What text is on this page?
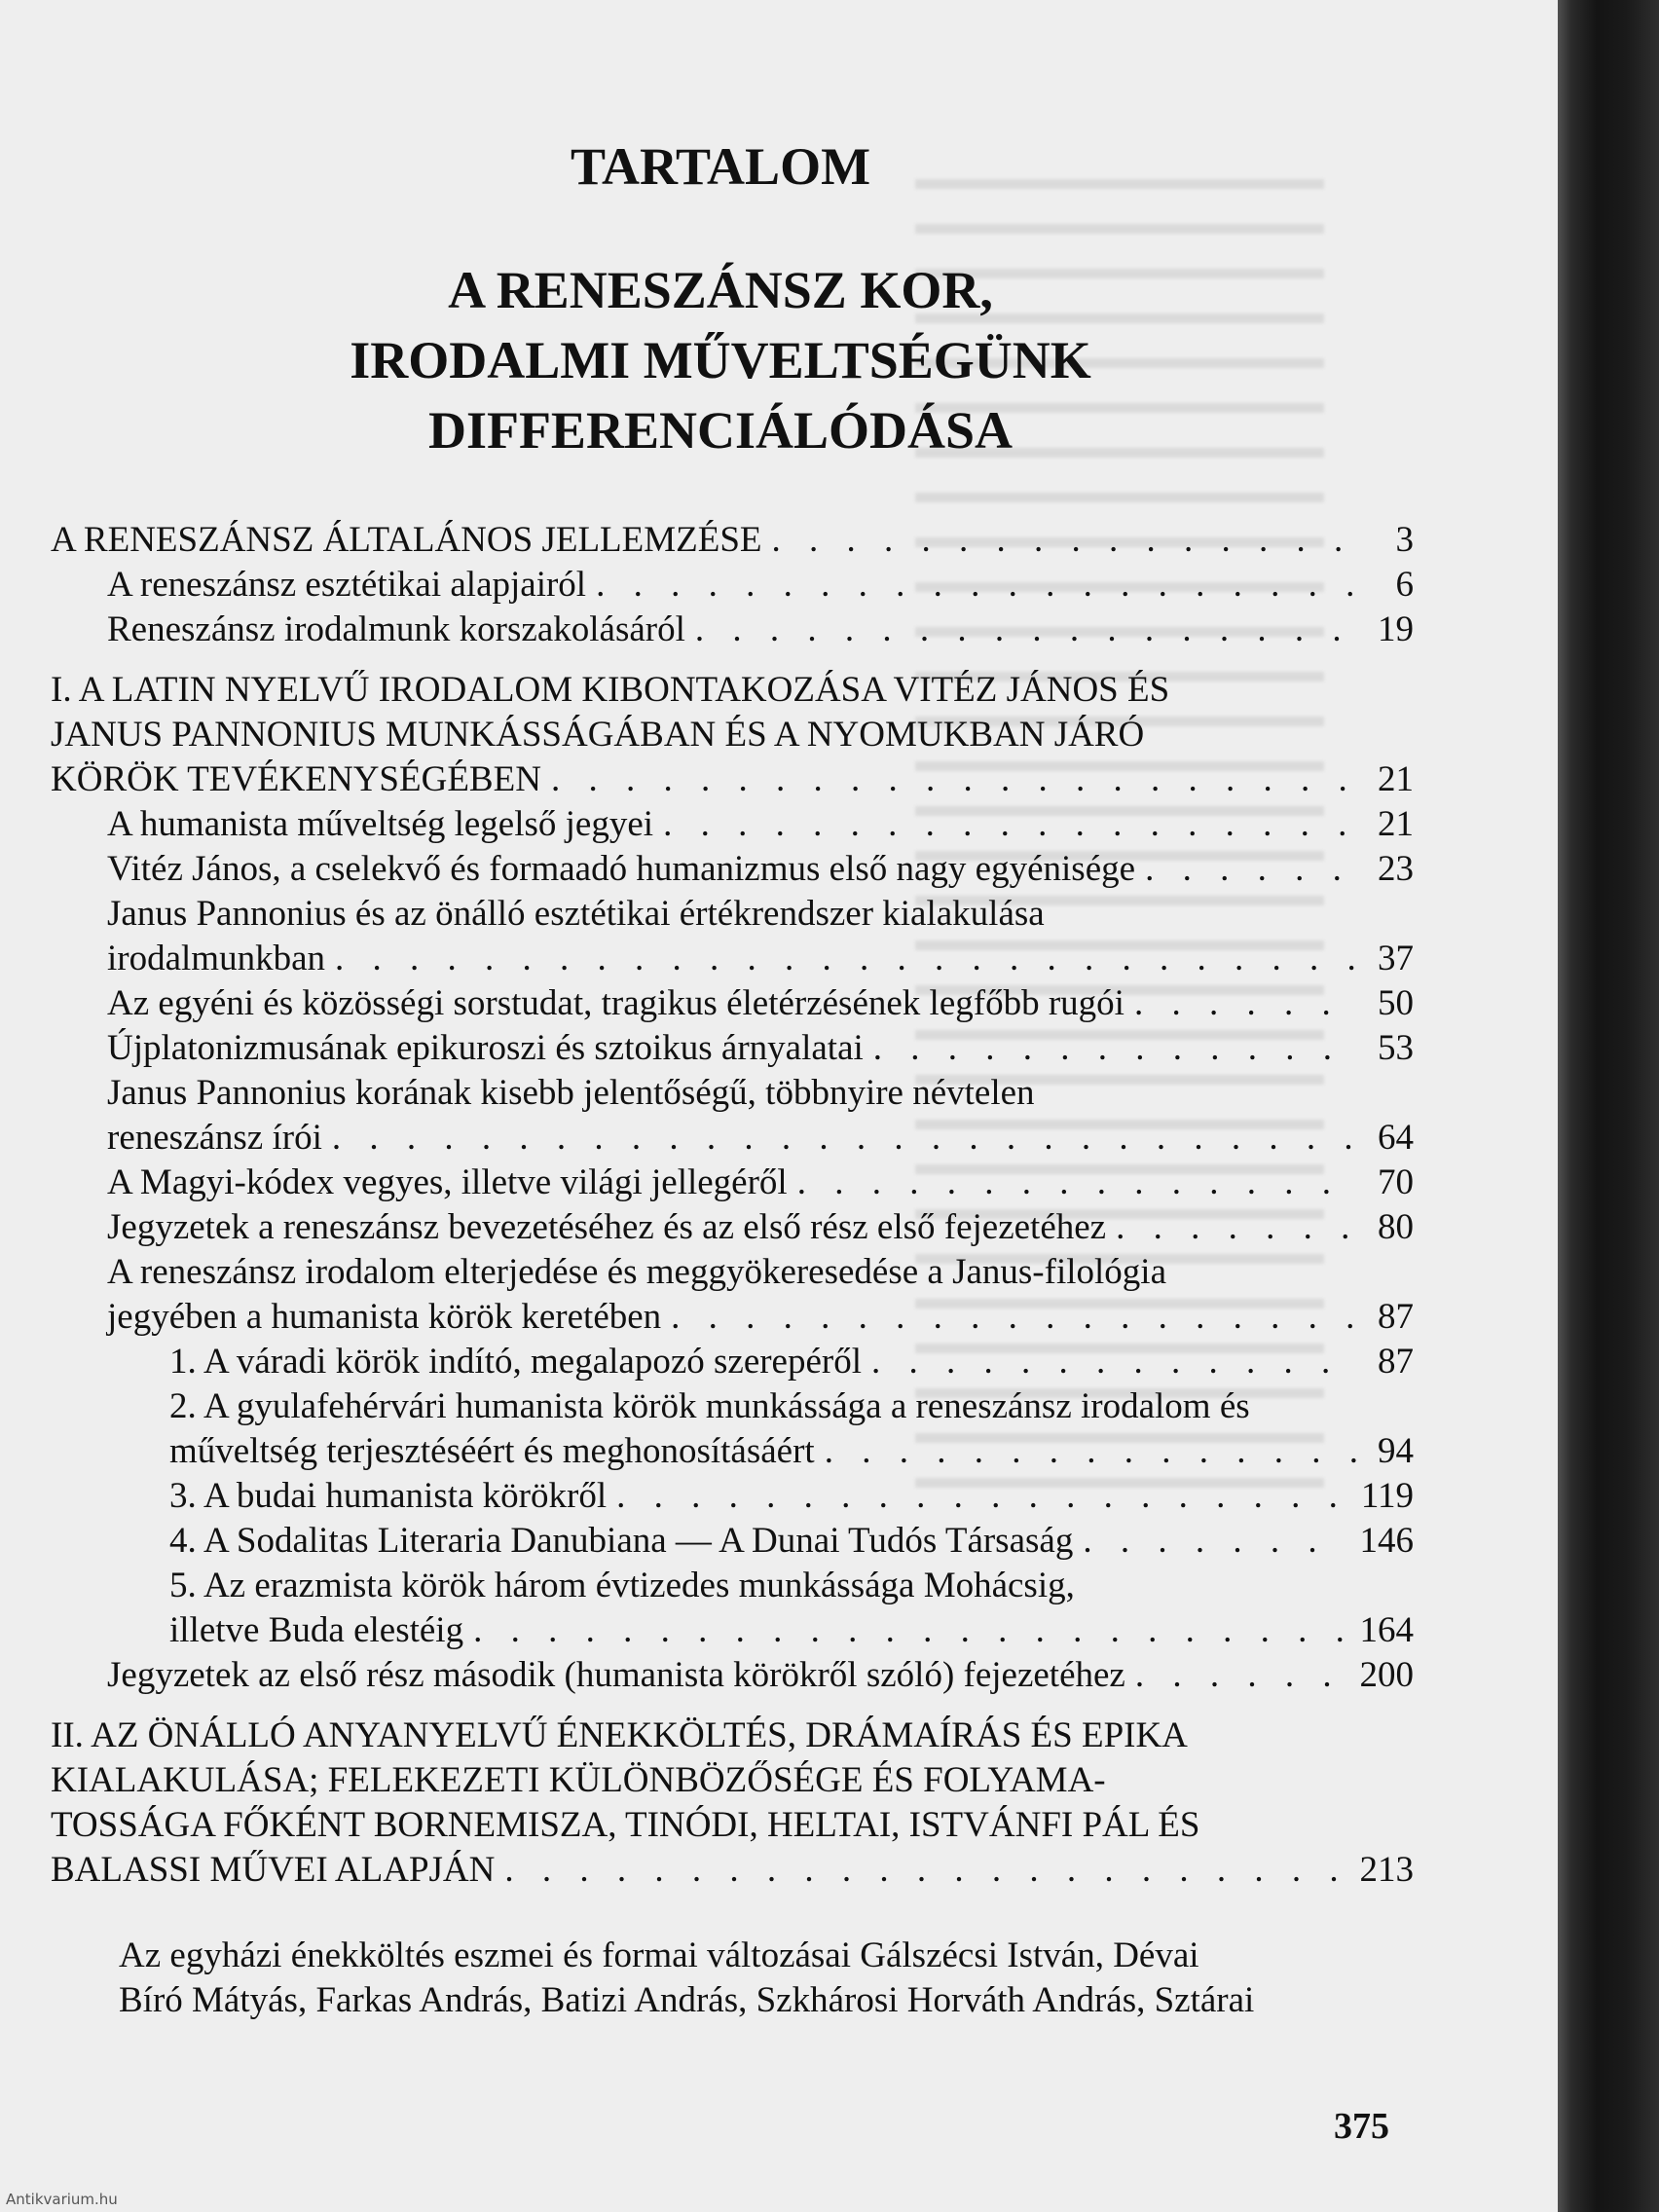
TARTALOM
A RENESZÁNSZ KOR,
IRODALMI MŰVELTSÉGÜNK
DIFFERENCIÁLÓDÁSA
A RENESZÁNSZ ÁLTALÁNOS JELLEMZÉSE . . .	3
A reneszánsz esztétikai alapjairól . . .	6
Reneszánsz irodalmunk korszakolásáról . . .	19
I. A LATIN NYELVŰ IRODALOM KIBONTAKOZÁSA VITÉZ JÁNOS ÉS
JANUS PANNONIUS MUNKÁSSÁGÁBAN ÉS A NYOMUKBAN JÁRÓ
KÖRÖK TEVÉKENYSÉGÉBEN . . .	21
A humanista műveltség legelső jegyei . . .	21
Vitéz János, a cselekvő és formaadó humanizmus első nagy egyénisége . . .	23
Janus Pannonius és az önálló esztétikai értékrendszer kialakulása
irodalmunkban . . .	37
Az egyéni és közösségi sorstudat, tragikus életérzésének legfőbb rugói . . .	50
Újplatonizmusának epikuroszi és sztoikus árnyalatai . . .	53
Janus Pannonius korának kisebb jelentőségű, többnyire névtelen
reneszánsz írói . . .	64
A Magyi-kódex vegyes, illetve világi jellegéről . . .	70
Jegyzetek a reneszánsz bevezetéséhez és az első rész első fejezetéhez . . .	80
A reneszánsz irodalom elterjedése és meggyökeresedése a Janus-filológia
jegyében a humanista körök keretében . . .	87
1. A váradi körök indító, megalapozó szerepéről . . .	87
2. A gyulafehérvári humanista körök munkássága a reneszánsz irodalom és
műveltség terjesztéséért és meghonosításáért . . .	94
3. A budai humanista körökről . . .	119
4. A Sodalitas Literaria Danubiana — A Dunai Tudós Társaság . . .	146
5. Az erazmista körök három évtizedes munkássága Mohácsig,
illetve Buda elestéig . . .	164
Jegyzetek az első rész második (humanista körökről szóló) fejezetéhez . . .	200
II. AZ ÖNÁLLÓ ANYANYELVŰ ÉNEKKÖLTÉS, DRÁMAÍRÁS ÉS EPIKA
KIALAKULÁSA; FELEKEZETI KÜLÖNBÖZŐSÉGE ÉS FOLYAMA-
TOSSÁGA FŐKÉNT BORNEMISZA, TINÓDI, HELTAI, ISTVÁNFI PÁL ÉS
BALASSI MŰVEI ALAPJÁN . . .	213
Az egyházi énekköltés eszmei és formai változásai Gálszécsi István, Dévai
Bíró Mátyás, Farkas András, Batizi András, Szkhárosi Horváth András, Sztárai
375
Antikvarium.hu
